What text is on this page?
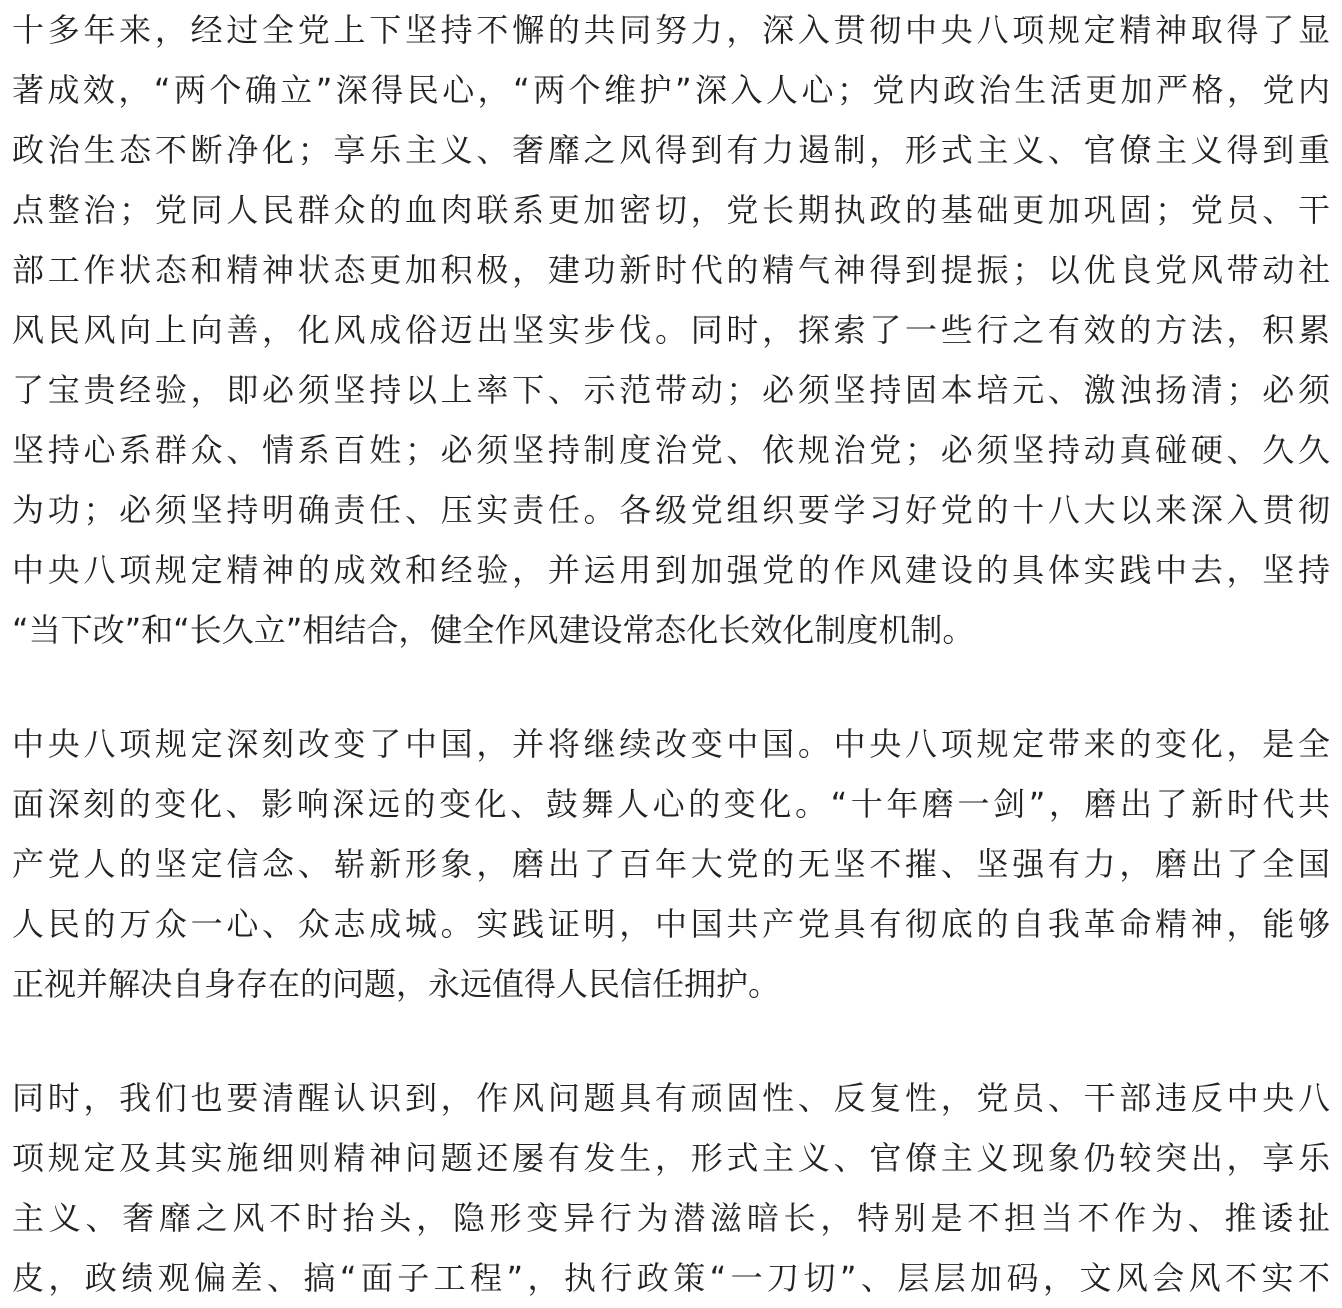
十多年来，经过全党上下坚持不懈的共同努力，深入贯彻中央八项规定精神取得了显
著成效，“两个确立”深得民心，“两个维护”深入人心；党内政治生活更加严格，党内
政治生态不断净化；享乐主义、奢靡之风得到有力遏制，形式主义、官僚主义得到重
点整治；党同人民群众的血肉联系更加密切，党长期执政的基础更加巩固；党员、干
部工作状态和精神状态更加积极，建功新时代的精气神得到提振；以优良党风带动社
风民风向上向善，化风成俗迈出坚实步伐。同时，探索了一些行之有效的方法，积累
了宝贵经验，即必须坚持以上率下、示范带动；必须坚持固本培元、激浊扬清；必须
坚持心系群众、情系百姓；必须坚持制度治党、依规治党；必须坚持动真碰硬、久久
为功；必须坚持明确责任、压实责任。各级党组织要学习好党的十八大以来深入贯彻
中央八项规定精神的成效和经验，并运用到加强党的作风建设的具体实践中去，坚持
“当下改”和“长久立”相结合，健全作风建设常态化长效化制度机制。
中央八项规定深刻改变了中国，并将继续改变中国。中央八项规定带来的变化，是全
面深刻的变化、影响深远的变化、鼓舞人心的变化。“十年磨一剑”，磨出了新时代共
产党人的坚定信念、崭新形象，磨出了百年大党的无坚不摧、坚强有力，磨出了全国
人民的万众一心、众志成城。实践证明，中国共产党具有彻底的自我革命精神，能够
正视并解决自身存在的问题，永远值得人民信任拥护。
同时，我们也要清醒认识到，作风问题具有顽固性、反复性，党员、干部违反中央八
项规定及其实施细则精神问题还屡有发生，形式主义、官僚主义现象仍较突出，享乐
主义、奢靡之风不时抬头，隐形变异行为潜滋暗长，特别是不担当不作为、推诿扯
皮，政绩观偏差、搞“面子工程”，执行政策“一刀切”、层层加码，文风会风不实不
